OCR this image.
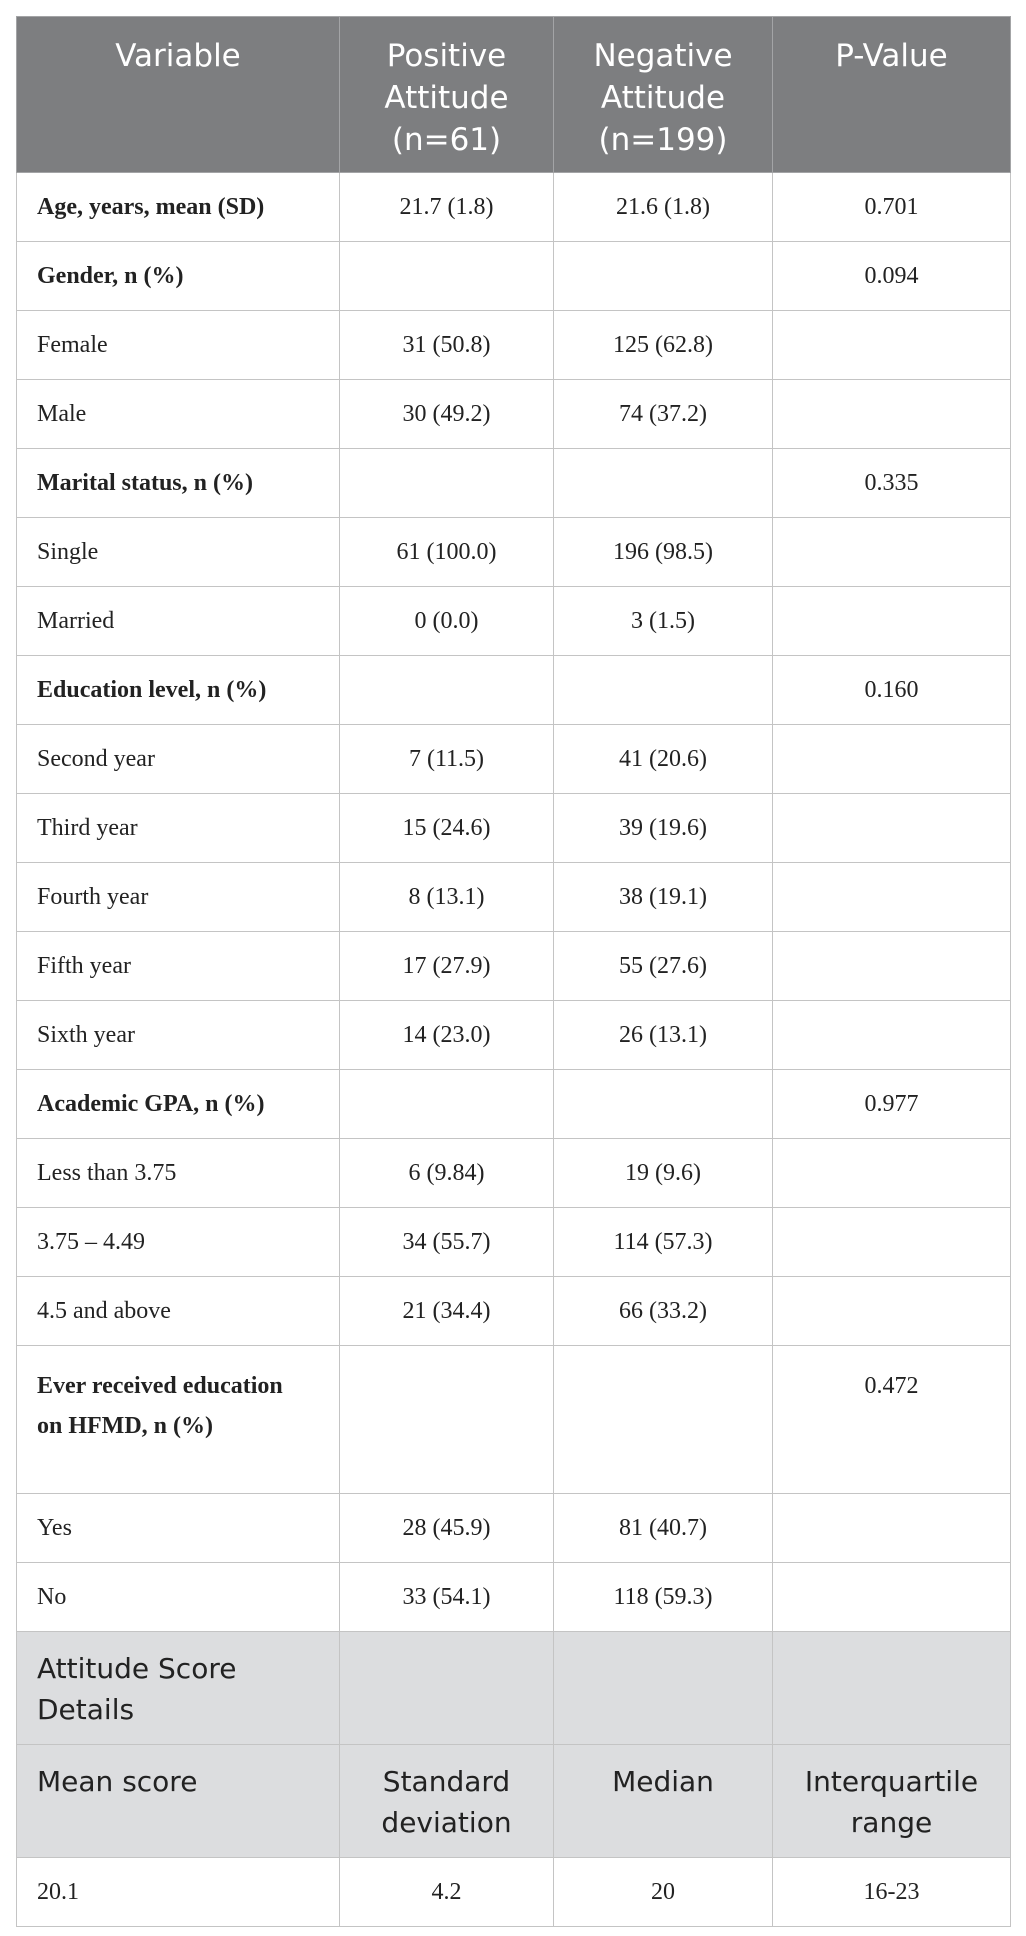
Variable	Positive Attitude (n=61)	Negative Attitude (n=199)	P-Value
Age, years, mean (SD)	21.7 (1.8)	21.6 (1.8)	0.701
Gender, n (%)			0.094
Female	31 (50.8)	125 (62.8)	
Male	30 (49.2)	74 (37.2)	
Marital status, n (%)			0.335
Single	61 (100.0)	196 (98.5)	
Married	0 (0.0)	3 (1.5)	
Education level, n (%)			0.160
Second year	7 (11.5)	41 (20.6)	
Third year	15 (24.6)	39 (19.6)	
Fourth year	8 (13.1)	38 (19.1)	
Fifth year	17 (27.9)	55 (27.6)	
Sixth year	14 (23.0)	26 (13.1)	
Academic GPA, n (%)			0.977
Less than 3.75	6 (9.84)	19 (9.6)	
3.75 – 4.49	34 (55.7)	114 (57.3)	
4.5 and above	21 (34.4)	66 (33.2)	
Ever received education on HFMD, n (%)			0.472
Yes	28 (45.9)	81 (40.7)	
No	33 (54.1)	118 (59.3)	
Attitude Score Details			
Mean score	Standard deviation	Median	Interquartile range
20.1	4.2	20	16-23
